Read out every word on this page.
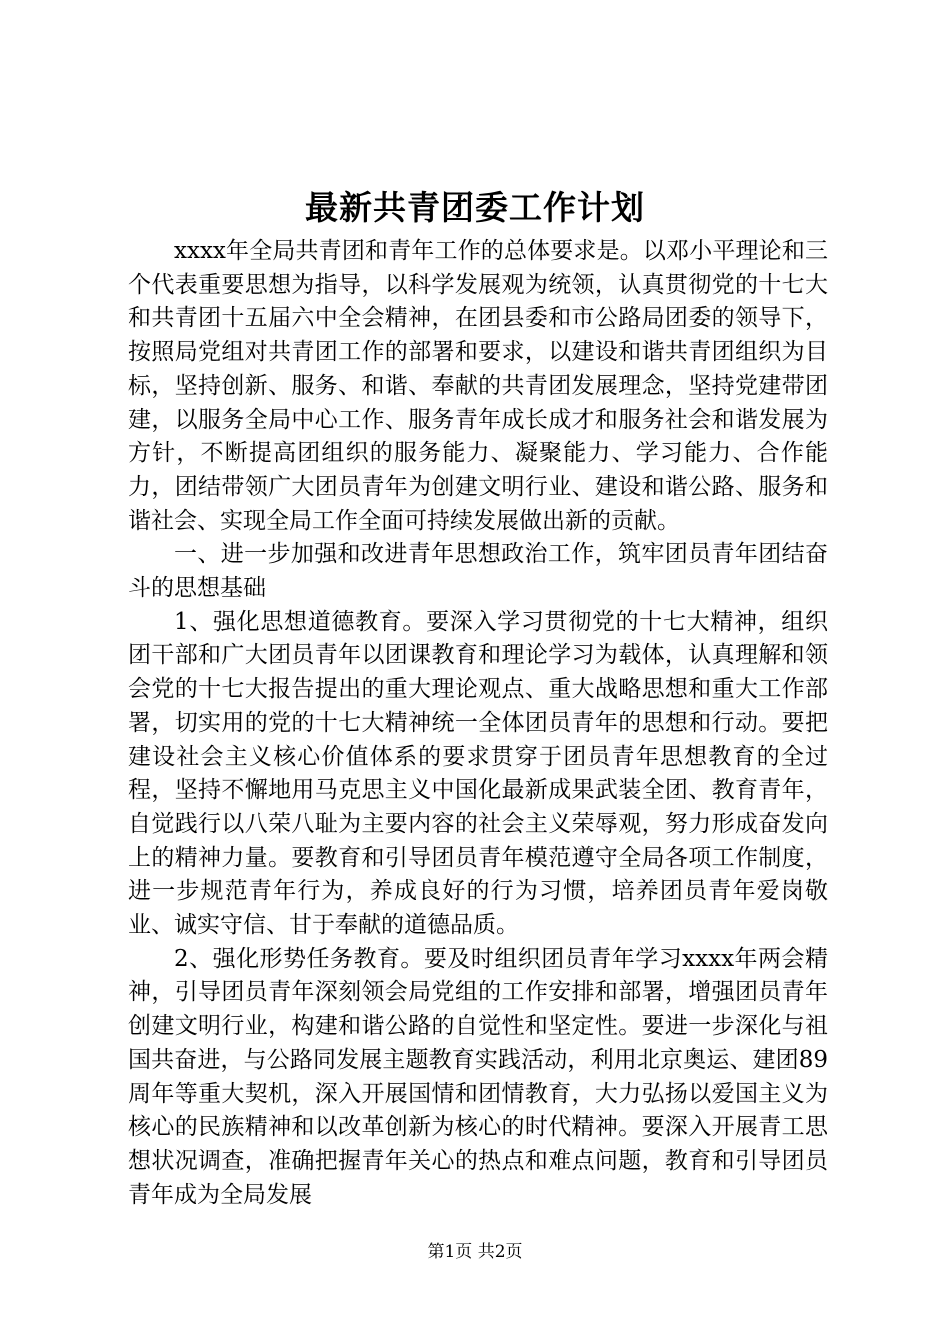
最新共青团委工作计划

xxxx年全局共青团和青年工作的总体要求是。以邓小平理论和三个代表重要思想为指导，以科学发展观为统领，认真贯彻党的十七大和共青团十五届六中全会精神，在团县委和市公路局团委的领导下，按照局党组对共青团工作的部署和要求，以建设和谐共青团组织为目标，坚持创新、服务、和谐、奉献的共青团发展理念，坚持党建带团建，以服务全局中心工作、服务青年成长成才和服务社会和谐发展为方针，不断提高团组织的服务能力、凝聚能力、学习能力、合作能力，团结带领广大团员青年为创建文明行业、建设和谐公路、服务和谐社会、实现全局工作全面可持续发展做出新的贡献。

一、进一步加强和改进青年思想政治工作，筑牢团员青年团结奋斗的思想基础

1、强化思想道德教育。要深入学习贯彻党的十七大精神，组织团干部和广大团员青年以团课教育和理论学习为载体，认真理解和领会党的十七大报告提出的重大理论观点、重大战略思想和重大工作部署，切实用的党的十七大精神统一全体团员青年的思想和行动。要把建设社会主义核心价值体系的要求贯穿于团员青年思想教育的全过程，坚持不懈地用马克思主义中国化最新成果武装全团、教育青年，自觉践行以八荣八耻为主要内容的社会主义荣辱观，努力形成奋发向上的精神力量。要教育和引导团员青年模范遵守全局各项工作制度，进一步规范青年行为，养成良好的行为习惯，培养团员青年爱岗敬业、诚实守信、甘于奉献的道德品质。

2、强化形势任务教育。要及时组织团员青年学习xxxx年两会精神，引导团员青年深刻领会局党组的工作安排和部署，增强团员青年创建文明行业，构建和谐公路的自觉性和坚定性。要进一步深化与祖国共奋进，与公路同发展主题教育实践活动，利用北京奥运、建团89周年等重大契机，深入开展国情和团情教育，大力弘扬以爱国主义为核心的民族精神和以改革创新为核心的时代精神。要深入开展青工思想状况调查，准确把握青年关心的热点和难点问题，教育和引导团员青年成为全局发展

第1页 共2页
